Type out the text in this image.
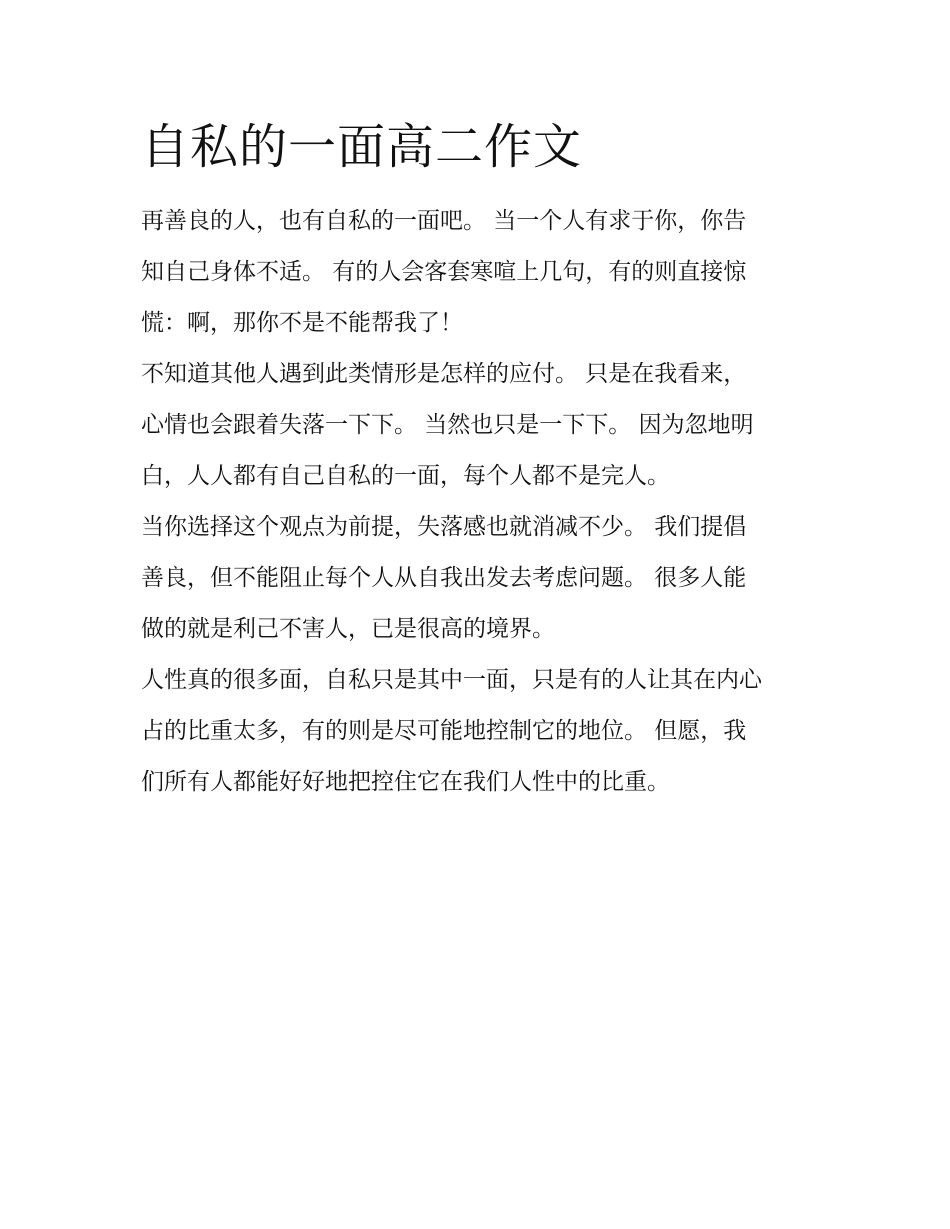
自私的一面高二作文
再善良的人，也有自私的一面吧。 当一个人有求于你，你告
知自己身体不适。 有的人会客套寒喧上几句，有的则直接惊
慌：啊，那你不是不能帮我了！
不知道其他人遇到此类情形是怎样的应付。 只是在我看来，
心情也会跟着失落一下下。 当然也只是一下下。 因为忽地明
白，人人都有自己自私的一面，每个人都不是完人。
当你选择这个观点为前提，失落感也就消减不少。 我们提倡
善良，但不能阻止每个人从自我出发去考虑问题。 很多人能
做的就是利己不害人，已是很高的境界。
人性真的很多面，自私只是其中一面，只是有的人让其在内心
占的比重太多，有的则是尽可能地控制它的地位。 但愿，我
们所有人都能好好地把控住它在我们人性中的比重。
